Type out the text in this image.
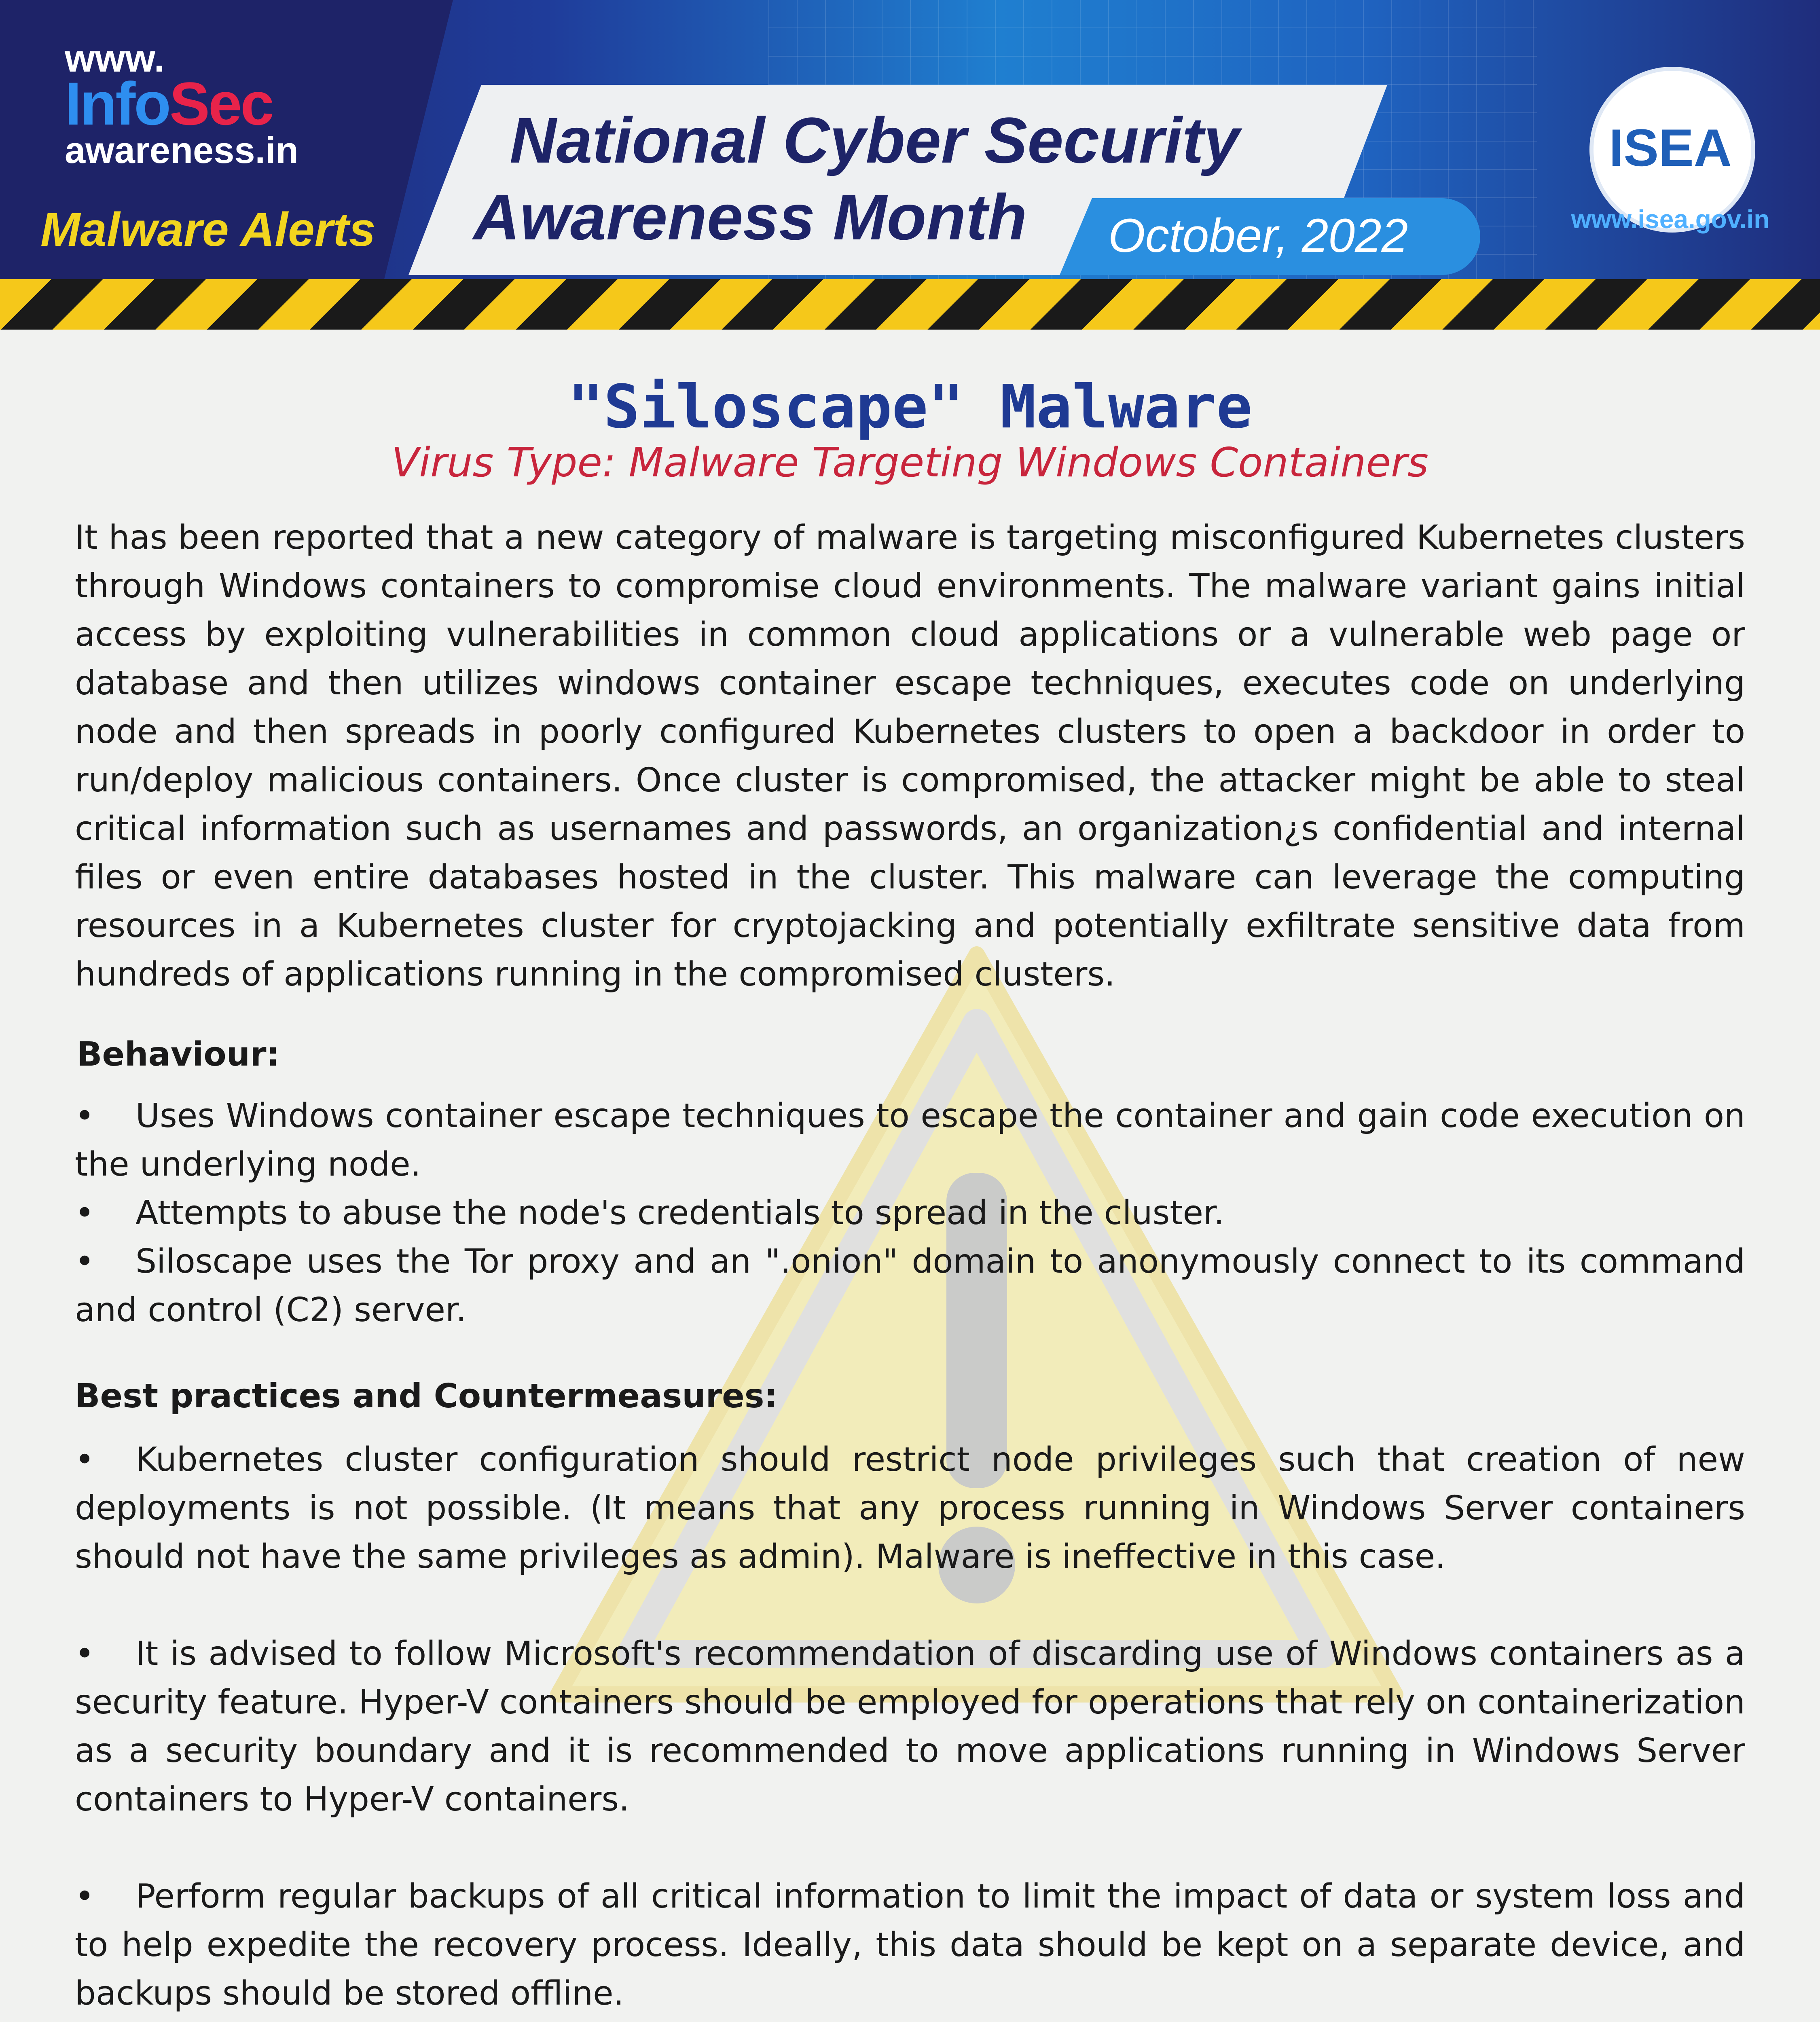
www.
InfoSec
awareness.in
Malware Alerts
National Cyber Security
Awareness Month October, 2022
ISEA
www.isea.gov.in
"Siloscape" Malware
Virus Type: Malware Targeting Windows Containers
It has been reported that a new category of malware is targeting misconfigured Kubernetes clusters through Windows containers to compromise cloud environments. The malware variant gains initial access by exploiting vulnerabilities in common cloud applications or a vulnerable web page or database and then utilizes windows container escape techniques, executes code on underlying node and then spreads in poorly configured Kubernetes clusters to open a backdoor in order to run/deploy malicious containers. Once cluster is compromised, the attacker might be able to steal critical information such as usernames and passwords, an organization¿s confidential and internal files or even entire databases hosted in the cluster. This malware can leverage the computing resources in a Kubernetes cluster for cryptojacking and potentially exfiltrate sensitive data from hundreds of applications running in the compromised clusters.
Behaviour:
• Uses Windows container escape techniques to escape the container and gain code execution on the underlying node.
• Attempts to abuse the node's credentials to spread in the cluster.
• Siloscape uses the Tor proxy and an ".onion" domain to anonymously connect to its command and control (C2) server.
Best practices and Countermeasures:
• Kubernetes cluster configuration should restrict node privileges such that creation of new deployments is not possible. (It means that any process running in Windows Server containers should not have the same privileges as admin). Malware is ineffective in this case.
• It is advised to follow Microsoft's recommendation of discarding use of Windows containers as a security feature. Hyper-V containers should be employed for operations that rely on containerization as a security boundary and it is recommended to move applications running in Windows Server containers to Hyper-V containers.
• Perform regular backups of all critical information to limit the impact of data or system loss and to help expedite the recovery process. Ideally, this data should be kept on a separate device, and backups should be stored offline.
